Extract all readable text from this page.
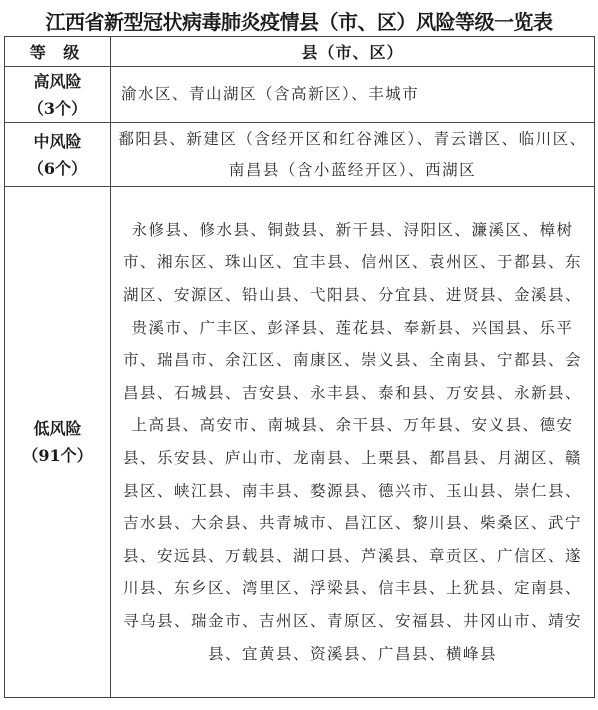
江西省新型冠状病毒肺炎疫情县（市、区）风险等级一览表
等 级	县（市、区）
高风险
（3个）	渝水区、青山湖区（含高新区）、丰城市
中风险
（6个）	鄱阳县、新建区（含经开区和红谷滩区）、青云谱区、临川区、南昌县（含小蓝经开区）、西湖区
低风险
（91个）	永修县、修水县、铜鼓县、新干县、浔阳区、濂溪区、樟树市、湘东区、珠山区、宜丰县、信州区、袁州区、于都县、东湖区、安源区、铅山县、弋阳县、分宜县、进贤县、金溪县、贵溪市、广丰区、彭泽县、莲花县、奉新县、兴国县、乐平市、瑞昌市、余江区、南康区、崇义县、全南县、宁都县、会昌县、石城县、吉安县、永丰县、泰和县、万安县、永新县、上高县、高安市、南城县、余干县、万年县、安义县、德安县、乐安县、庐山市、龙南县、上栗县、都昌县、月湖区、赣县区、峡江县、南丰县、婺源县、德兴市、玉山县、崇仁县、吉水县、大余县、共青城市、昌江区、黎川县、柴桑区、武宁县、安远县、万载县、湖口县、芦溪县、章贡区、广信区、遂川县、东乡区、湾里区、浮梁县、信丰县、上犹县、定南县、寻乌县、瑞金市、吉州区、青原区、安福县、井冈山市、靖安县、宜黄县、资溪县、广昌县、横峰县
